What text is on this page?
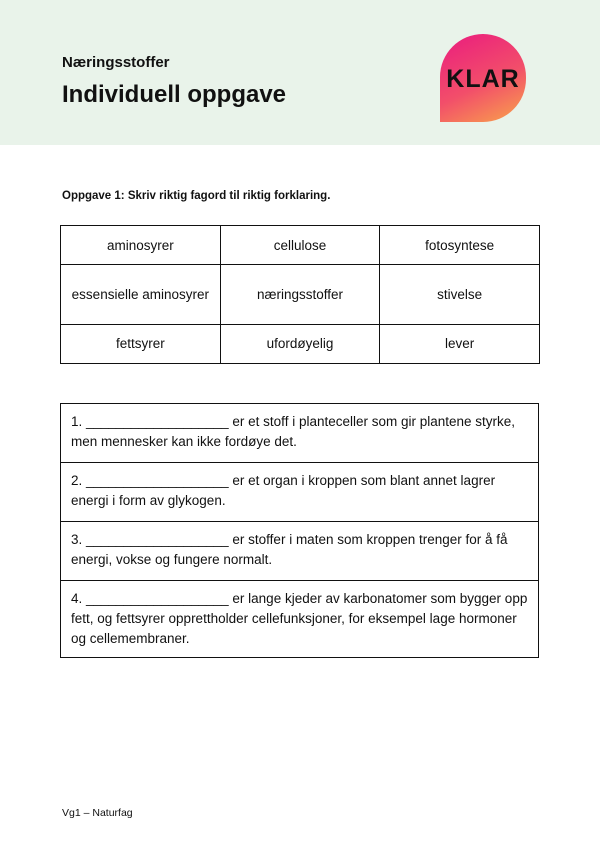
Næringsstoffer
Individuell oppgave
KLAR
Oppgave 1: Skriv riktig fagord til riktig forklaring.
aminosyrer	cellulose	fotosyntese
essensielle aminosyrer	næringsstoffer	stivelse
fettsyrer	ufordøyelig	lever
1. ___________________ er et stoff i planteceller som gir plantene styrke, men mennesker kan ikke fordøye det.
2. ___________________ er et organ i kroppen som blant annet lagrer energi i form av glykogen.
3. ___________________ er stoffer i maten som kroppen trenger for å få energi, vokse og fungere normalt.
4. ___________________ er lange kjeder av karbonatomer som bygger opp fett, og fettsyrer opprettholder cellefunksjoner, for eksempel lage hormoner og cellemembraner.
Vg1 – Naturfag
